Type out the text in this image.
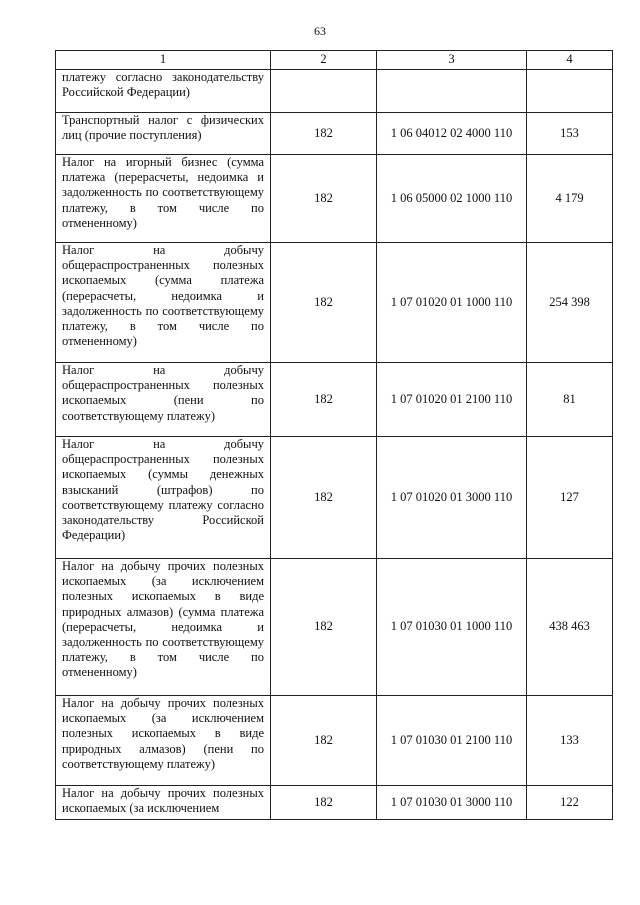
63
1	2	3	4

платежу согласно законодательству Российской Федерации)			

Транспортный налог с физических лиц (прочие поступления)	182	1 06 04012 02 4000 110	153

Налог на игорный бизнес (сумма платежа (перерасчеты, недоимка и задолженность по соответствующему платежу, в том числе по отмененному)	182	1 06 05000 02 1000 110	4 179

Налог на добычу общераспространенных полезных ископаемых (сумма платежа (перерасчеты, недоимка и задолженность по соответствующему платежу, в том числе по отмененному)	182	1 07 01020 01 1000 110	254 398

Налог на добычу общераспространенных полезных ископаемых (пени по соответствующему платежу)	182	1 07 01020 01 2100 110	81

Налог на добычу общераспространенных полезных ископаемых (суммы денежных взысканий (штрафов) по соответствующему платежу согласно законодательству Российской Федерации)	182	1 07 01020 01 3000 110	127

Налог на добычу прочих полезных ископаемых (за исключением полезных ископаемых в виде природных алмазов) (сумма платежа (перерасчеты, недоимка и задолженность по соответствующему платежу, в том числе по отмененному)	182	1 07 01030 01 1000 110	438 463

Налог на добычу прочих полезных ископаемых (за исключением полезных ископаемых в виде природных алмазов) (пени по соответствующему платежу)	182	1 07 01030 01 2100 110	133

Налог на добычу прочих полезных ископаемых (за исключением	182	1 07 01030 01 3000 110	122
